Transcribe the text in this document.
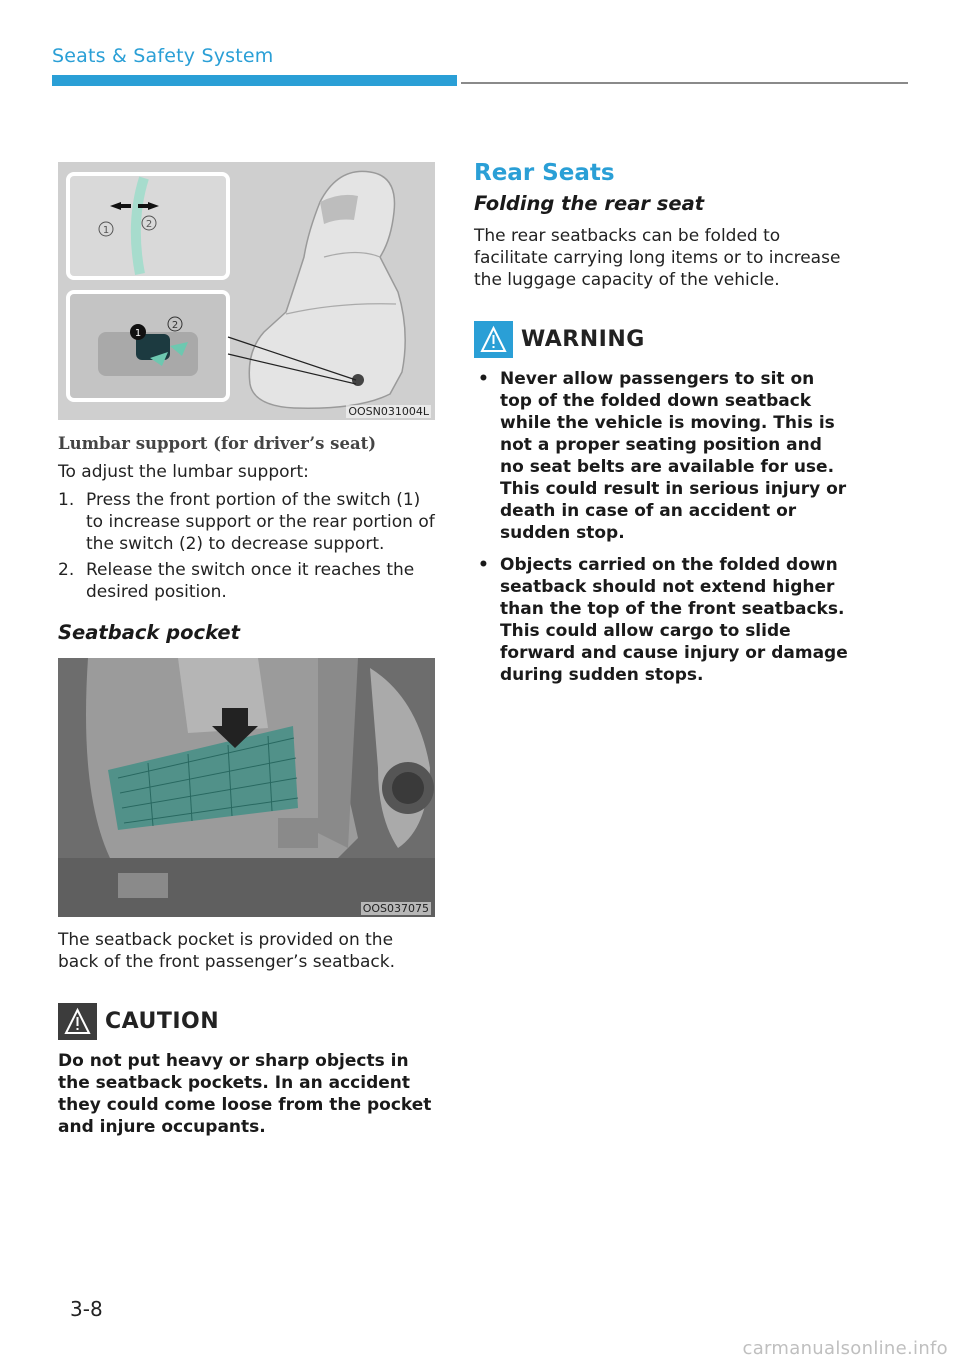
Seats & Safety System
1
2
1
2
OOSN031004L
Lumbar support (for driver’s seat)

To adjust the lumbar support:

1. Press the front portion of the switch (1) to increase support or the rear portion of the switch (2) to decrease support.
2. Release the switch once it reaches the desired position.
Seatback pocket
OOS037075

The seatback pocket is provided on the back of the front passenger’s seatback.

CAUTION

Do not put heavy or sharp objects in the seatback pockets. In an accident they could come loose from the pocket and injure occupants.

Rear Seats
Folding the rear seat

The rear seatbacks can be folded to facilitate carrying long items or to increase the luggage capacity of the vehicle.

WARNING
• Never allow passengers to sit on top of the folded down seatback while the vehicle is moving. This is not a proper seating position and no seat belts are available for use. This could result in serious injury or death in case of an accident or sudden stop.
• Objects carried on the folded down seatback should not extend higher than the top of the front seatbacks. This could allow cargo to slide forward and cause injury or damage during sudden stops.
3-8
carmanualsonline.info
